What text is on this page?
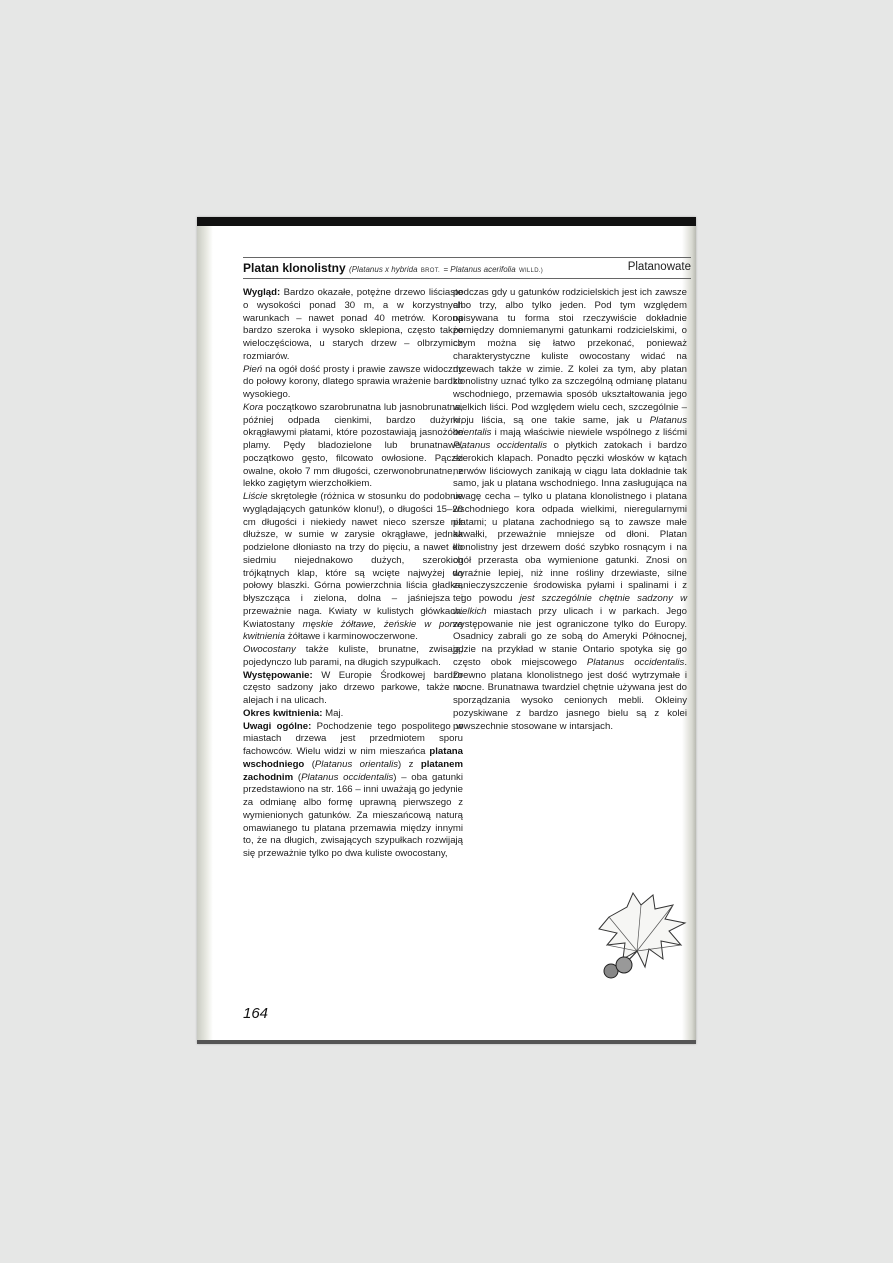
Platan klonolistny (Platanus x hybrida BROT. = Platanus acerifolia WILLD.)	Platanowate

Wygląd: Bardzo okazałe, potężne drzewo liściaste o wysokości ponad 30 m, a w korzystnych warunkach – nawet ponad 40 metrów. Korona bardzo szeroka i wysoko sklepiona, często także wieloczęściowa, u starych drzew – olbrzymich rozmiarów.

Pień na ogół dość prosty i prawie zawsze widoczny do połowy korony, dlatego sprawia wrażenie bardzo wysokiego.

Kora początkowo szarobrunatna lub jasnobrunatna, później odpada cienkimi, bardzo dużymi, okrągławymi płatami, które pozostawiają jasnożółte plamy. Pędy bladozielone lub brunatnawe, początkowo gęsto, filcowato owłosione. Pączki owalne, około 7 mm długości, czerwonobrunatne, z lekko zagiętym wierzchołkiem.

Liście skrętoległe (różnica w stosunku do podobnie wyglądających gatunków klonu!), o długości 15–20 cm długości i niekiedy nawet nieco szersze niż dłuższe, w sumie w zarysie okrągławe, jednak podzielone dłoniasto na trzy do pięciu, a nawet do siedmiu niejednakowo dużych, szerokich trójkątnych klap, które są wcięte najwyżej do połowy blaszki. Górna powierzchnia liścia gładka, błyszcząca i zielona, dolna – jaśniejsza i przeważnie naga. Kwiaty w kulistych główkach. Kwiatostany męskie żółtawe, żeńskie w porze kwitnienia żółtawe i karminowoczerwone.

Owocostany także kuliste, brunatne, zwisają, pojedynczo lub parami, na długich szypułkach.

Występowanie: W Europie Środkowej bardzo często sadzony jako drzewo parkowe, także w alejach i na ulicach.

Okres kwitnienia: Maj.

Uwagi ogólne: Pochodzenie tego pospolitego w miastach drzewa jest przedmiotem sporu fachowców. Wielu widzi w nim mieszańca platana wschodniego (Platanus orientalis) z platanem zachodnim (Platanus occidentalis) – oba gatunki przedstawiono na str. 166 – inni uważają go jedynie za odmianę albo formę uprawną pierwszego z wymienionych gatunków. Za mieszańcową naturą omawianego tu platana przemawia między innymi to, że na długich, zwisających szypułkach rozwijają się przeważnie tylko po dwa kuliste owocostany,

podczas gdy u gatunków rodzicielskich jest ich zawsze albo trzy, albo tylko jeden. Pod tym względem opisywana tu forma stoi rzeczywiście dokładnie pomiędzy domniemanymi gatunkami rodzicielskimi, o czym można się łatwo przekonać, ponieważ charakterystyczne kuliste owocostany widać na drzewach także w zimie. Z kolei za tym, aby platan klonolistny uznać tylko za szczególną odmianę platanu wschodniego, przemawia sposób ukształtowania jego wielkich liści. Pod względem wielu cech, szczególnie – kroju liścia, są one takie same, jak u Platanus orientalis i mają właściwie niewiele wspólnego z liśćmi Platanus occidentalis o płytkich zatokach i bardzo szerokich klapach. Ponadto pęczki włosków w kątach nerwów liściowych zanikają w ciągu lata dokładnie tak samo, jak u platana wschodniego. Inna zasługująca na uwagę cecha – tylko u platana klonolistnego i platana wschodniego kora odpada wielkimi, nieregularnymi płatami; u platana zachodniego są to zawsze małe kawałki, przeważnie mniejsze od dłoni. Platan klonolistny jest drzewem dość szybko rosnącym i na ogół przerasta oba wymienione gatunki. Znosi on wyraźnie lepiej, niż inne rośliny drzewiaste, silne zanieczyszczenie środowiska pyłami i spalinami i z tego powodu jest szczególnie chętnie sadzony w wielkich miastach przy ulicach i w parkach. Jego występowanie nie jest ograniczone tylko do Europy. Osadnicy zabrali go ze sobą do Ameryki Północnej, gdzie na przykład w stanie Ontario spotyka się go często obok miejscowego Platanus occidentalis. Drewno platana klonolistnego jest dość wytrzymałe i mocne. Brunatnawa twardziel chętnie używana jest do sporządzania wysoko cenionych mebli. Okleiny pozyskiwane z bardzo jasnego bielu są z kolei powszechnie stosowane w intarsjach.

164
